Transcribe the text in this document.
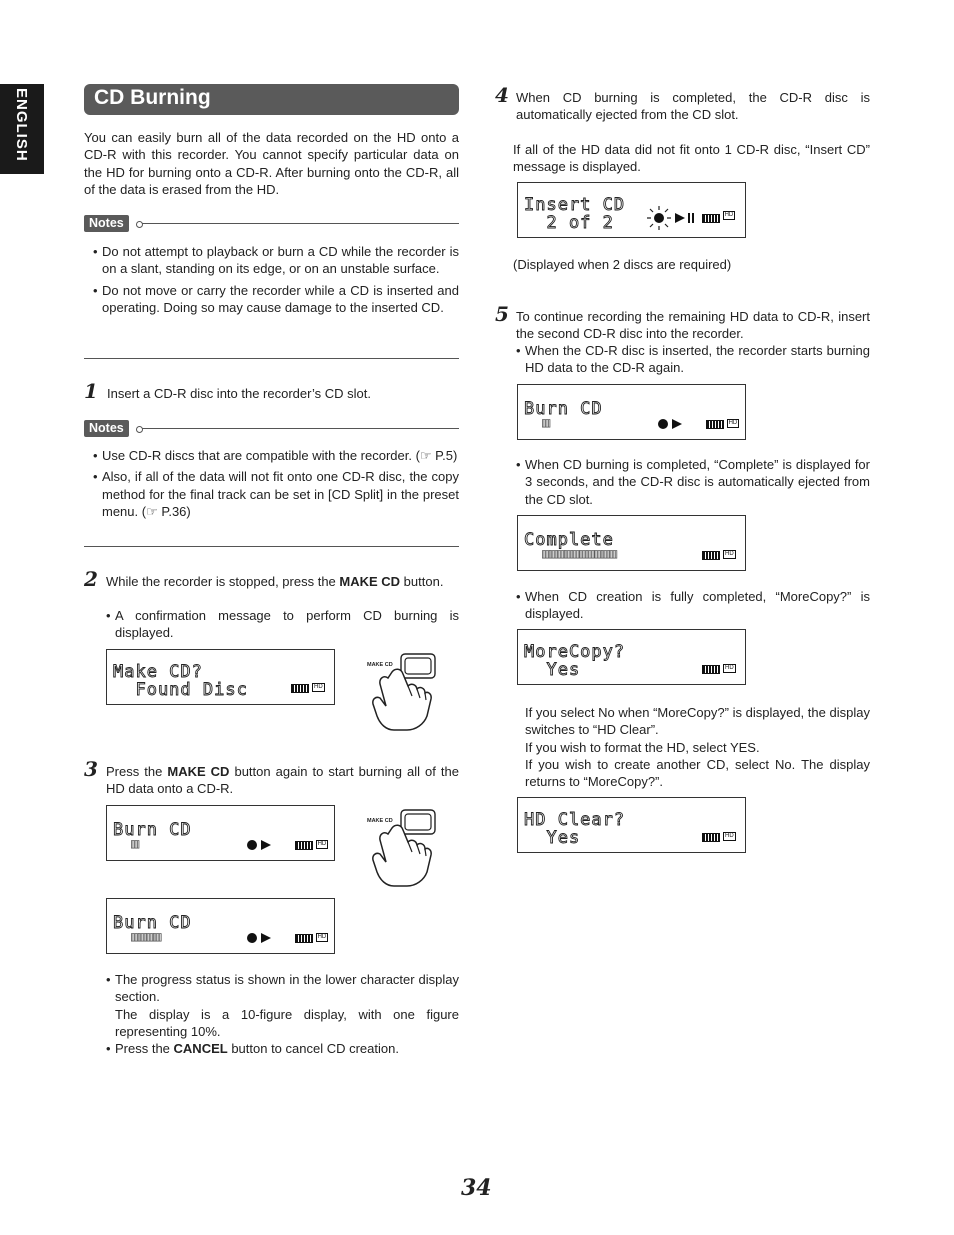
ENGLISH	CD Burning
You can easily burn all of the data recorded on the HD onto a CD-R with this recorder. You cannot specify particular data on the HD for burning onto a CD-R. After burning onto the CD-R, all of the data is erased from the HD.
Notes
• Do not attempt to playback or burn a CD while the recorder is on a slant, standing on its edge, or on an unstable surface.
• Do not move or carry the recorder while a CD is inserted and operating. Doing so may cause damage to the inserted CD.
1 Insert a CD-R disc into the recorder’s CD slot.
Notes
• Use CD-R discs that are compatible with the recorder. (☞ P.5)
• Also, if all of the data will not fit onto one CD-R disc, the copy method for the final track can be set in [CD Split] in the preset menu. (☞ P.36)
2 While the recorder is stopped, press the MAKE CD button.
• A confirmation message to perform CD burning is displayed.
Make CD?
Found Disc	HD
MAKE CD
3 Press the MAKE CD button again to start burning all of the HD data onto a CD-R.
Burn CD
▥	HD
MAKE CD
Burn CD
▥▥▥▥	HD
• The progress status is shown in the lower character display section.
The display is a 10-figure display, with one figure representing 10%.
• Press the CANCEL button to cancel CD creation.
4 When CD burning is completed, the CD-R disc is automatically ejected from the CD slot.
If all of the HD data did not fit onto 1 CD-R disc, “Insert CD” message is displayed.
Insert CD
2 of 2	HD
(Displayed when 2 discs are required)
5 To continue recording the remaining HD data to CD-R, insert the second CD-R disc into the recorder.
• When the CD-R disc is inserted, the recorder starts burning HD data to the CD-R again.
Burn CD
▥	HD
• When CD burning is completed, “Complete” is displayed for 3 seconds, and the CD-R disc is automatically ejected from the CD slot.
Complete
▥▥▥▥▥▥▥▥▥▥	HD
• When CD creation is fully completed, “MoreCopy?” is displayed.
MoreCopy?
Yes	HD
If you select No when “MoreCopy?” is displayed, the display switches to “HD Clear”.
If you wish to format the HD, select YES.
If you wish to create another CD, select No. The display returns to “MoreCopy?”.
HD Clear?
Yes	HD
34
